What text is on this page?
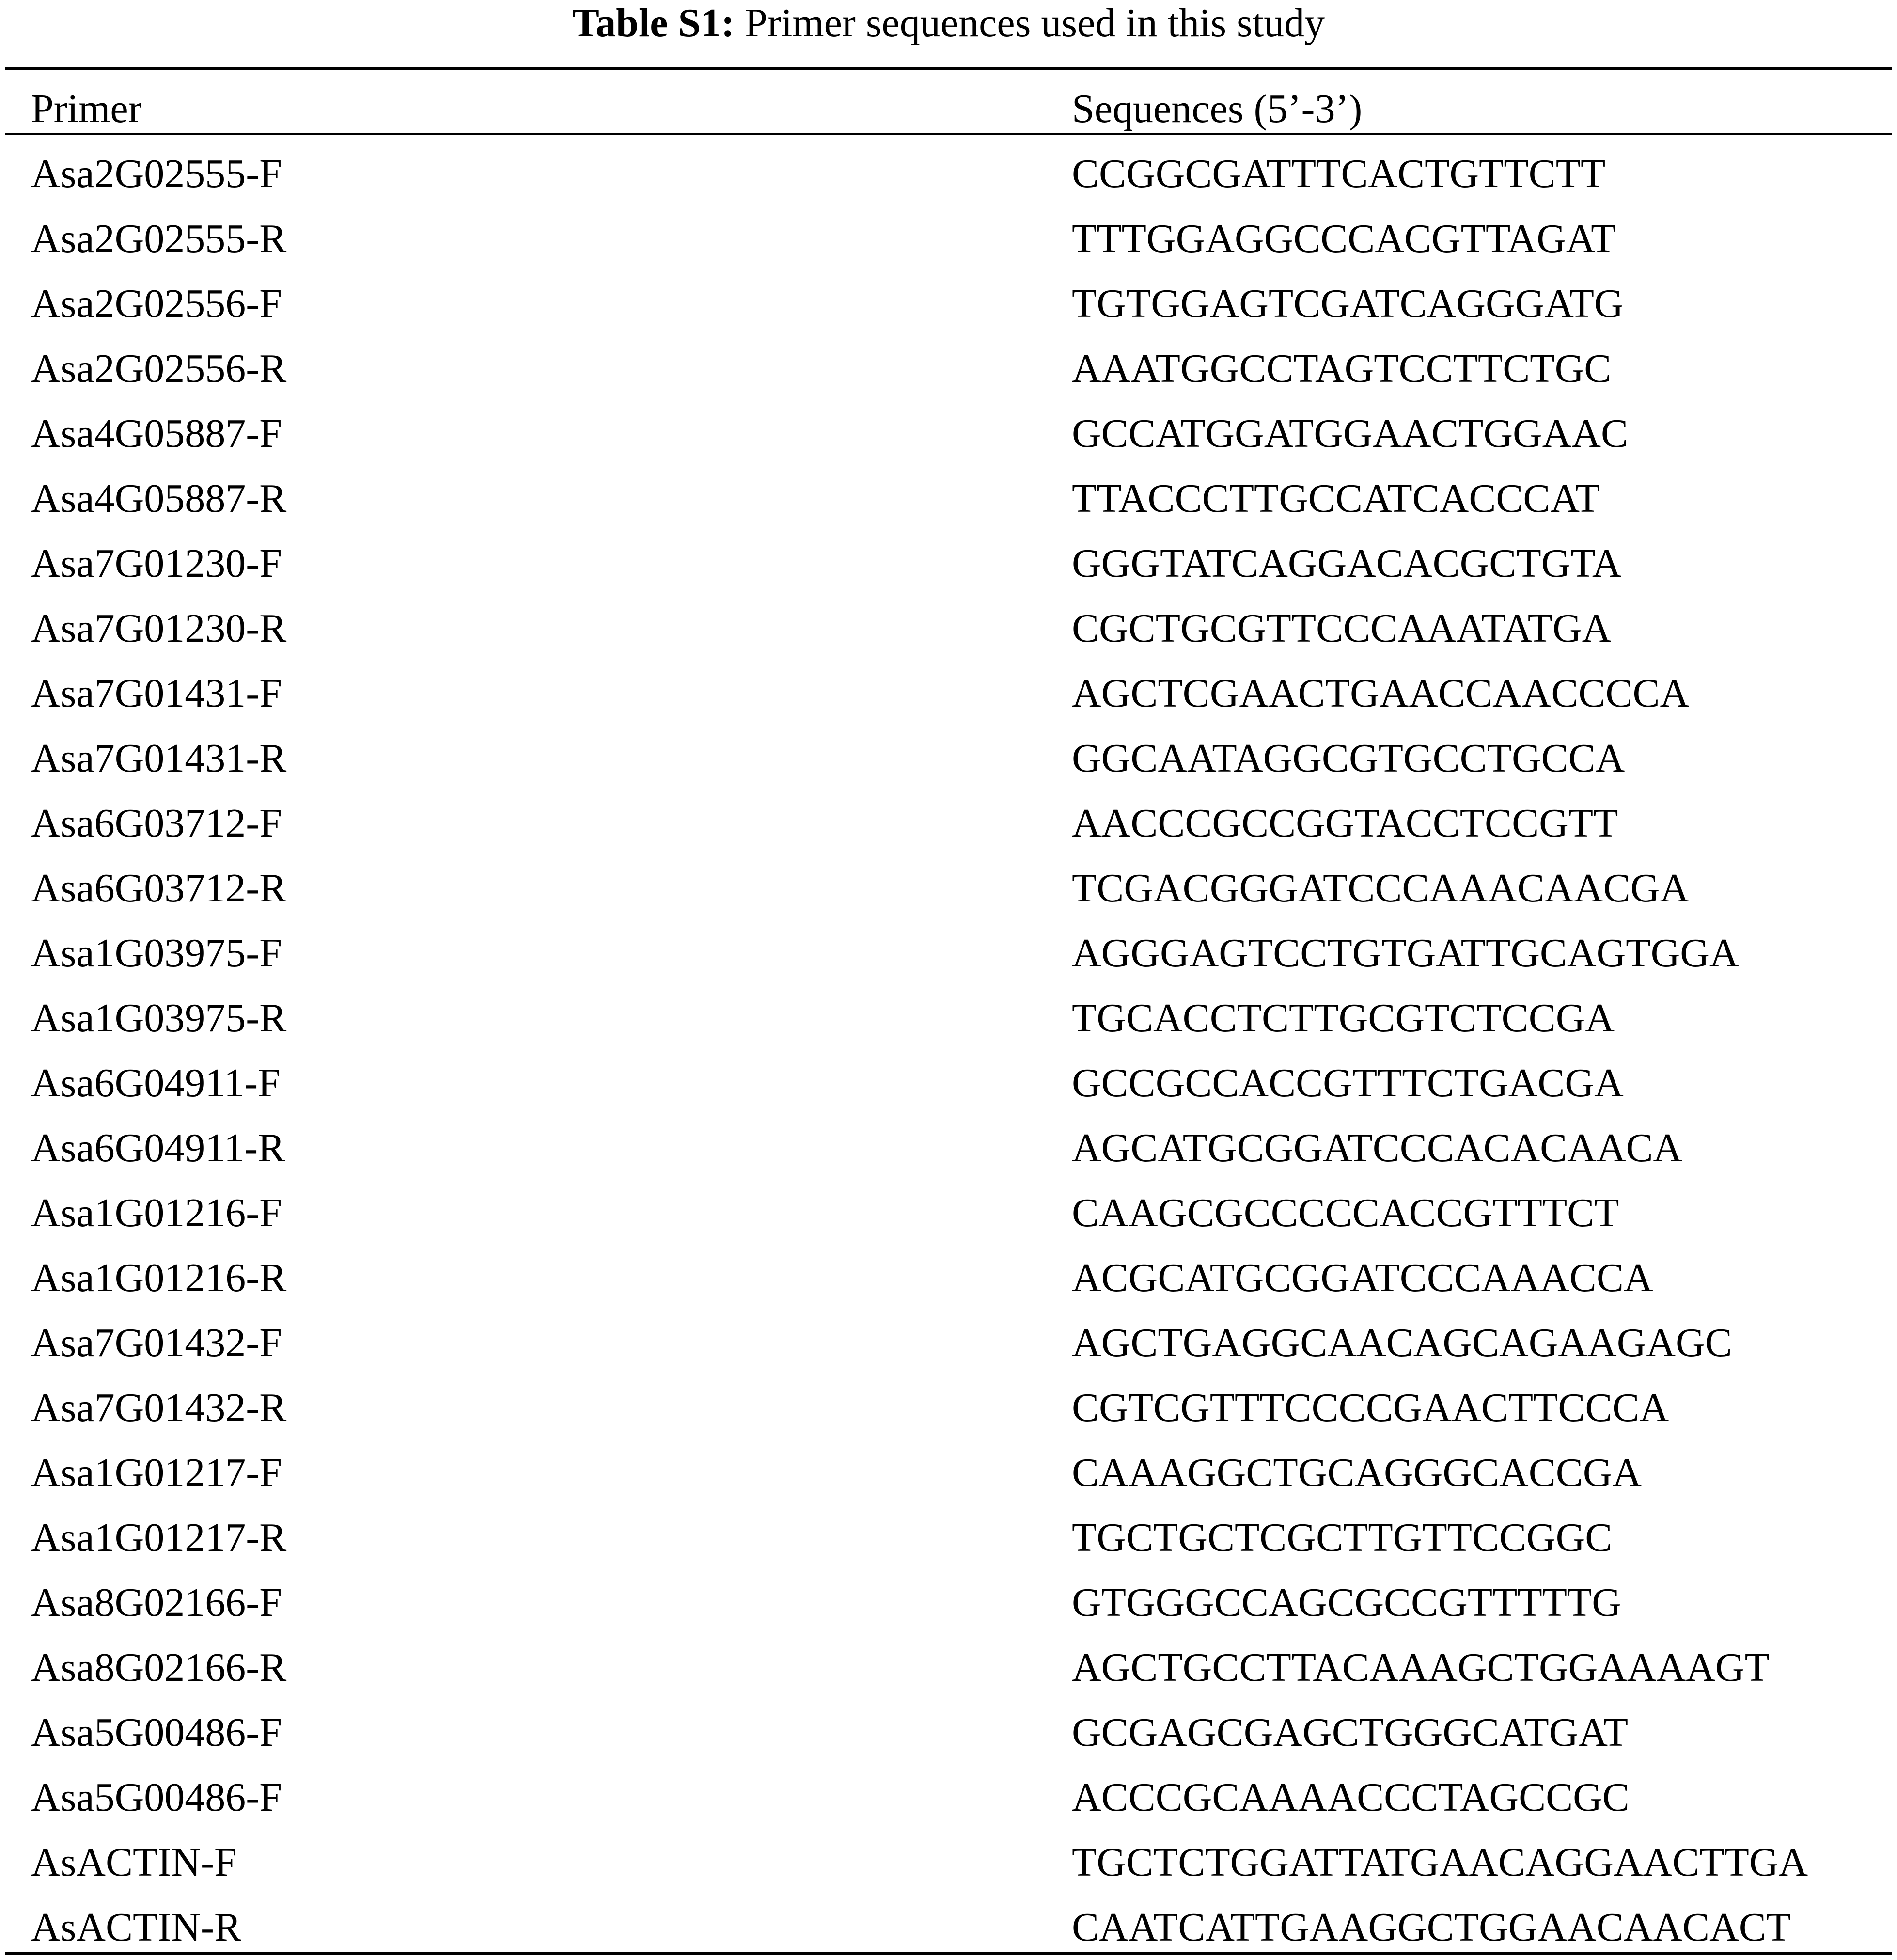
Table S1: Primer sequences used in this study
Primer	Sequences (5’-3’)
Asa2G02555-F	CCGGCGATTTCACTGTTCTT
Asa2G02555-R	TTTGGAGGCCCACGTTAGAT
Asa2G02556-F	TGTGGAGTCGATCAGGGATG
Asa2G02556-R	AAATGGCCTAGTCCTTCTGC
Asa4G05887-F	GCCATGGATGGAACTGGAAC
Asa4G05887-R	TTACCCTTGCCATCACCCAT
Asa7G01230-F	GGGTATCAGGACACGCTGTA
Asa7G01230-R	CGCTGCGTTCCCAAATATGA
Asa7G01431-F	AGCTCGAACTGAACCAACCCCA
Asa7G01431-R	GGCAATAGGCGTGCCTGCCA
Asa6G03712-F	AACCCGCCGGTACCTCCGTT
Asa6G03712-R	TCGACGGGATCCCAAACAACGA
Asa1G03975-F	AGGGAGTCCTGTGATTGCAGTGGA
Asa1G03975-R	TGCACCTCTTGCGTCTCCGA
Asa6G04911-F	GCCGCCACCGTTTCTGACGA
Asa6G04911-R	AGCATGCGGATCCCACACAACA
Asa1G01216-F	CAAGCGCCCCCACCGTTTCT
Asa1G01216-R	ACGCATGCGGATCCCAAACCA
Asa7G01432-F	AGCTGAGGCAACAGCAGAAGAGC
Asa7G01432-R	CGTCGTTTCCCCGAACTTCCCA
Asa1G01217-F	CAAAGGCTGCAGGGCACCGA
Asa1G01217-R	TGCTGCTCGCTTGTTCCGGC
Asa8G02166-F	GTGGGCCAGCGCCGTTTTTG
Asa8G02166-R	AGCTGCCTTACAAAGCTGGAAAAGT
Asa5G00486-F	GCGAGCGAGCTGGGCATGAT
Asa5G00486-F	ACCCGCAAAACCCTAGCCGC
AsACTIN-F	TGCTCTGGATTATGAACAGGAACTTGA
AsACTIN-R	CAATCATTGAAGGCTGGAACAACACT
